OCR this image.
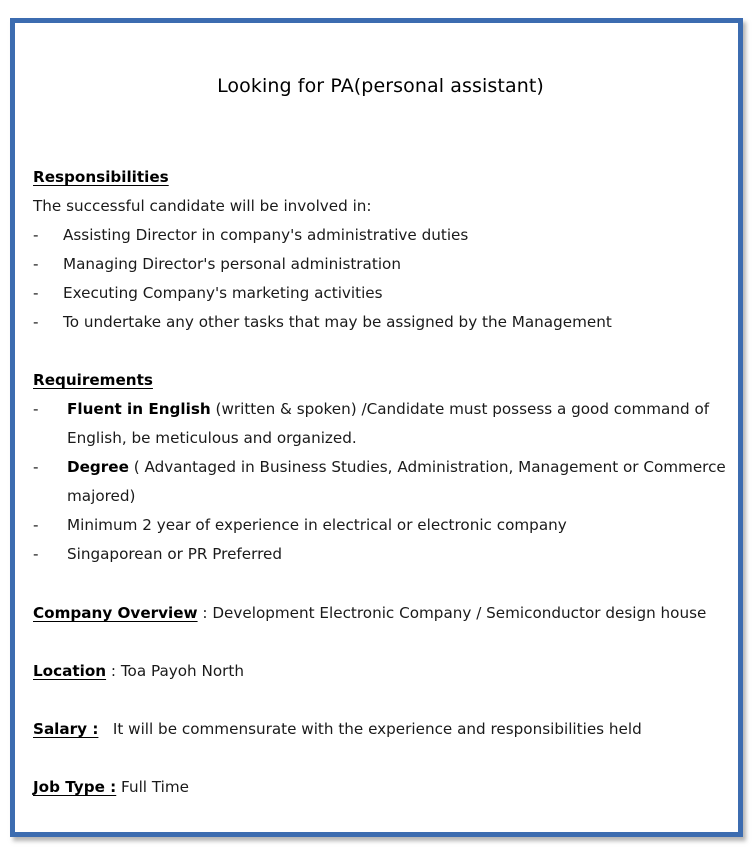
Looking for PA(personal assistant)
Responsibilities
The successful candidate will be involved in:
- Assisting Director in company's administrative duties
- Managing Director's personal administration
- Executing Company's marketing activities
- To undertake any other tasks that may be assigned by the Management
Requirements
- Fluent in English (written & spoken) /Candidate must possess a good command of
English, be meticulous and organized.
- Degree ( Advantaged in Business Studies, Administration, Management or Commerce
majored)
- Minimum 2 year of experience in electrical or electronic company
- Singaporean or PR Preferred
Company Overview : Development Electronic Company / Semiconductor design house
Location : Toa Payoh North
Salary :   It will be commensurate with the experience and responsibilities held
Job Type : Full Time
